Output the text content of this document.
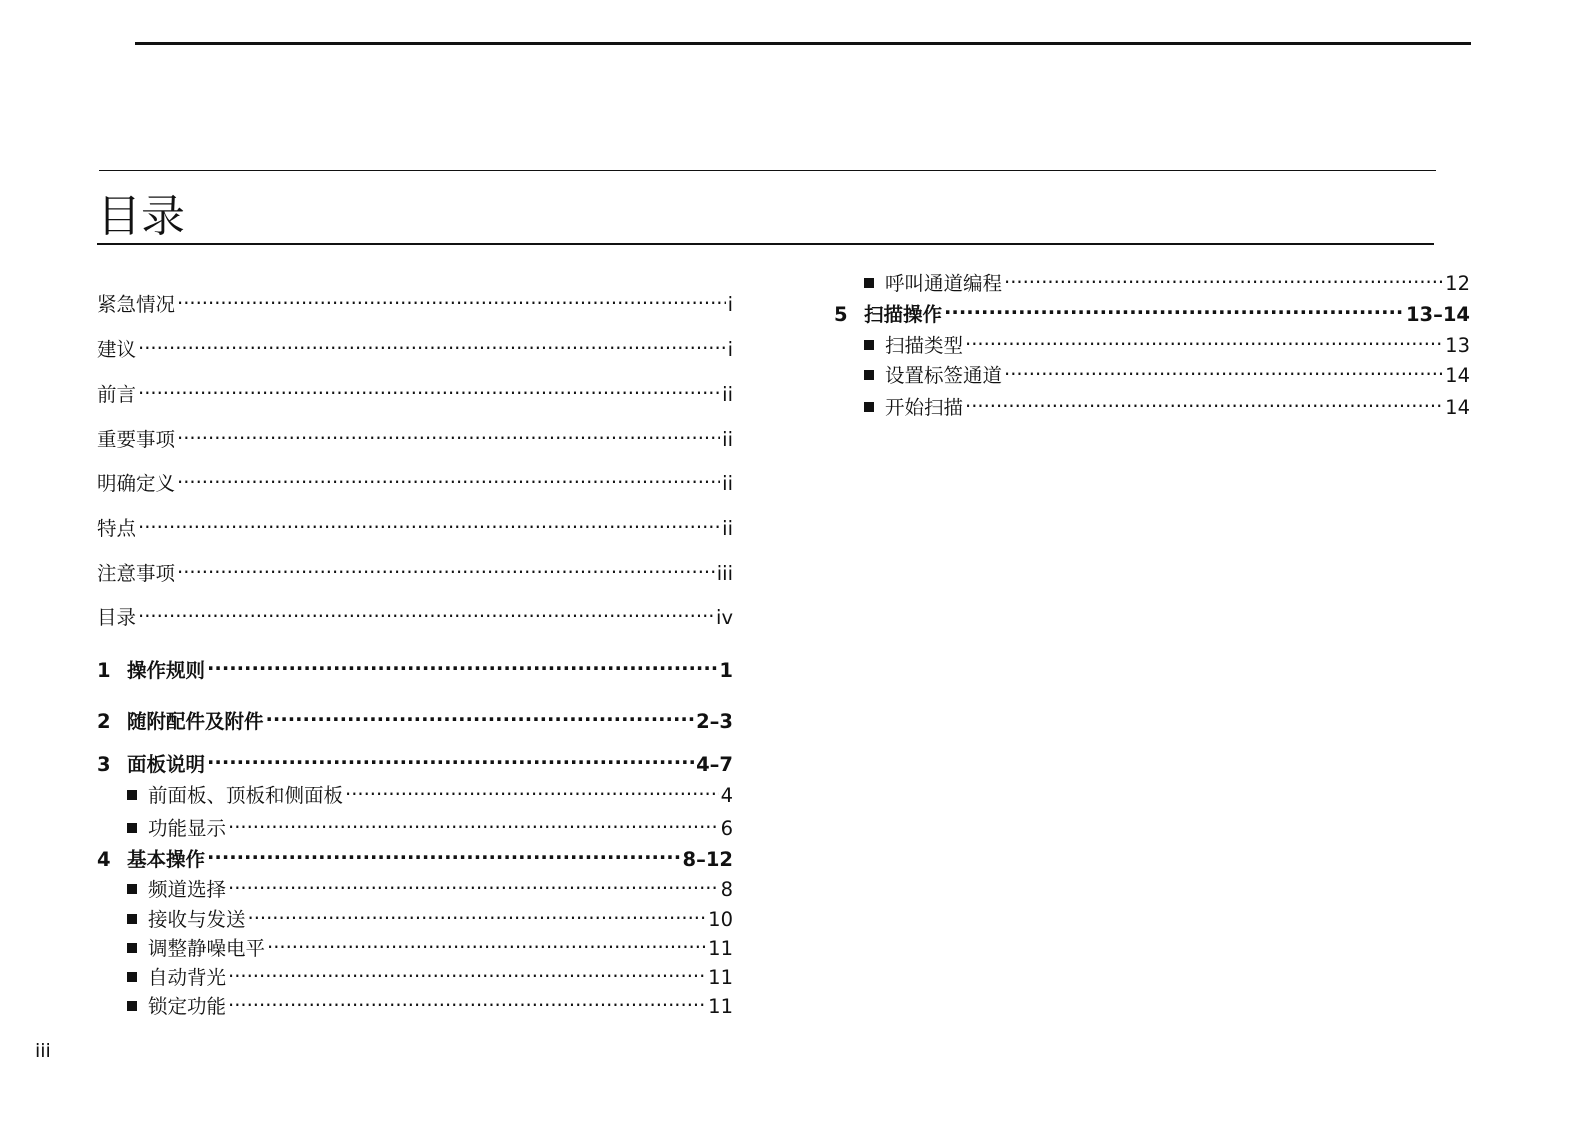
目录
紧急情况 .....	i
建议 .....	i
前言 .....	ii
重要事项 .....	ii
明确定义 .....	ii
特点 .....	ii
注意事项 .....	iii
目录 .....	iv
1 操作规则 .....	1
2 随附配件及附件 .....	2–3
3 面板说明 .....	4–7
前面板、顶板和侧面板 .....	4
功能显示 .....	6
4 基本操作 .....	8–12
频道选择 .....	8
接收与发送 .....	10
调整静噪电平 .....	11
自动背光 .....	11
锁定功能 .....	11
呼叫通道编程 .....	12
5 扫描操作 .....	13–14
扫描类型 .....	13
设置标签通道 .....	14
开始扫描 .....	14
iii
